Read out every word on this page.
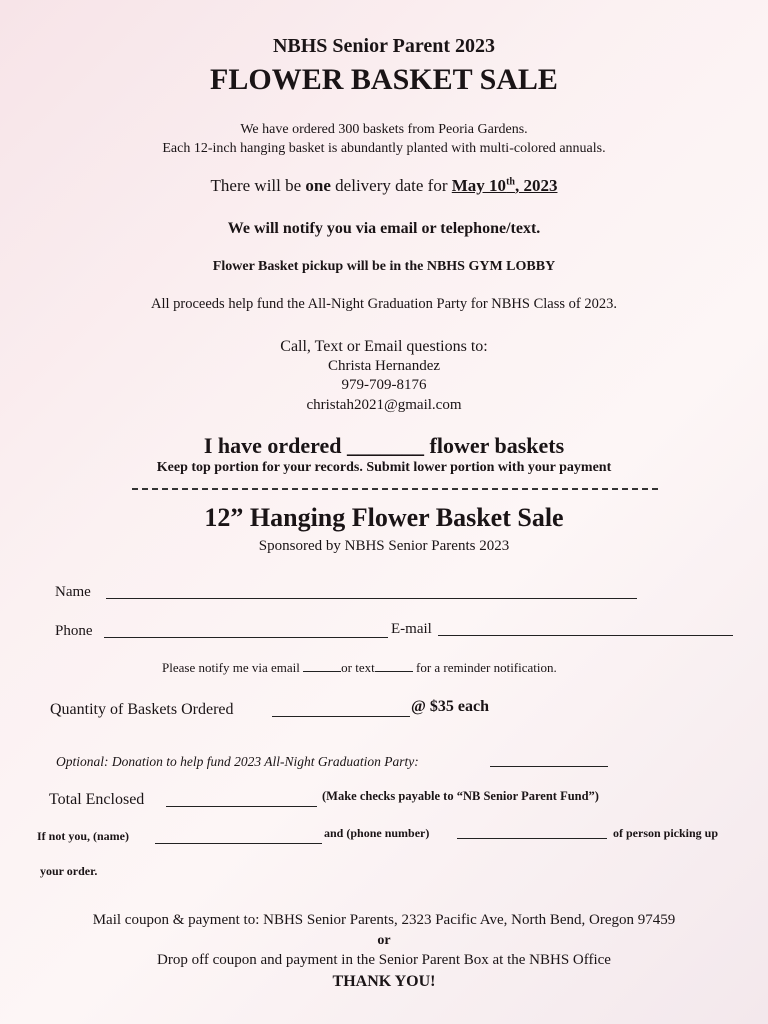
NBHS Senior Parent 2023
FLOWER BASKET SALE
We have ordered 300 baskets from Peoria Gardens.
Each 12-inch hanging basket is abundantly planted with multi-colored annuals.
There will be one delivery date for May 10th, 2023
We will notify you via email or telephone/text.
Flower Basket pickup will be in the NBHS GYM LOBBY
All proceeds help fund the All-Night Graduation Party for NBHS Class of 2023.
Call, Text or Email questions to:
Christa Hernandez
979-709-8176
christah2021@gmail.com
I have ordered _______ flower baskets
Keep top portion for your records. Submit lower portion with your payment
12” Hanging Flower Basket Sale
Sponsored by NBHS Senior Parents 2023
Name
Phone	E-mail
Please notify me via email	or text	for a reminder notification.
Quantity of Baskets Ordered	@ $35 each
Optional: Donation to help fund 2023 All-Night Graduation Party:
Total Enclosed	(Make checks payable to “NB Senior Parent Fund”)
If not you, (name)	and (phone number)	of person picking up
your order.
Mail coupon & payment to: NBHS Senior Parents, 2323 Pacific Ave, North Bend, Oregon 97459
or
Drop off coupon and payment in the Senior Parent Box at the NBHS Office
THANK YOU!
